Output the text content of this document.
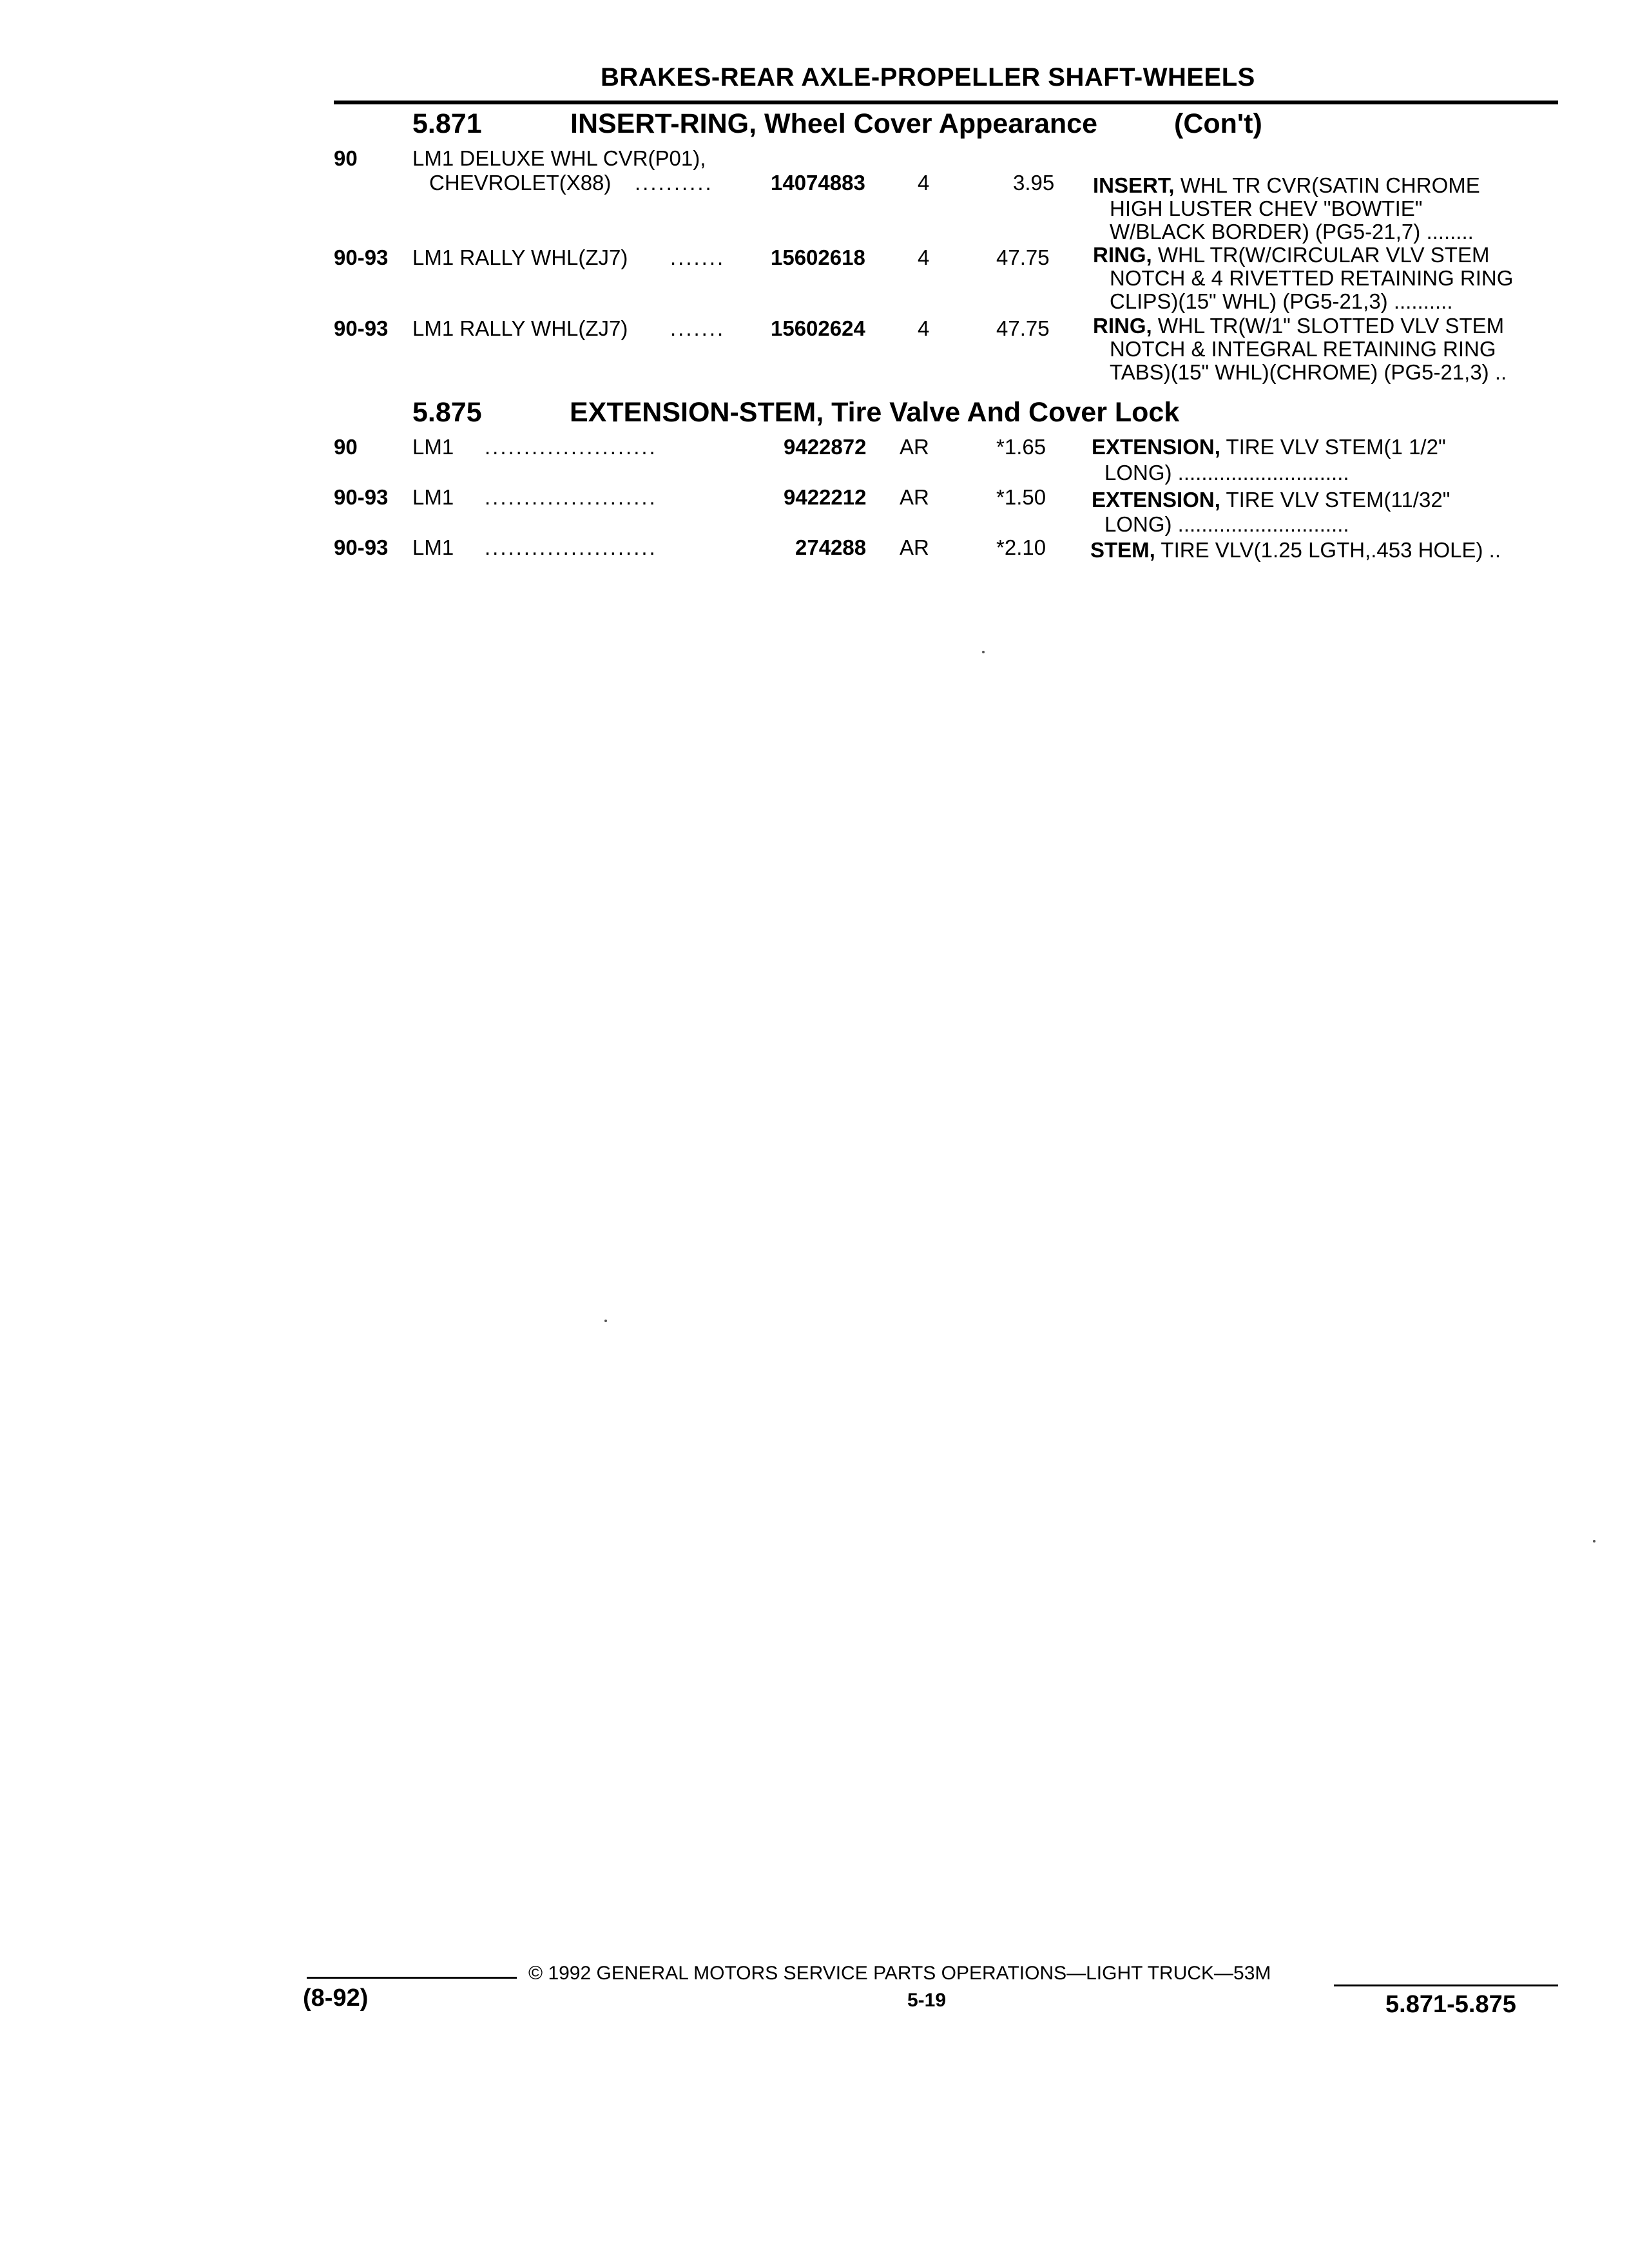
BRAKES-REAR AXLE-PROPELLER SHAFT-WHEELS
5.871	INSERT-RING, Wheel Cover Appearance	(Con't)
90	LM1 DELUXE WHL CVR(P01),
CHEVROLET(X88) ..........	14074883 4	3.95 INSERT, WHL TR CVR(SATIN CHROME
HIGH LUSTER CHEV "BOWTIE"
W/BLACK BORDER) (PG5-21,7) ........
90-93 LM1 RALLY WHL(ZJ7) ....... 15602618 4	47.75 RING, WHL TR(W/CIRCULAR VLV STEM
NOTCH & 4 RIVETTED RETAINING RING
CLIPS)(15" WHL) (PG5-21,3) ..........
90-93 LM1 RALLY WHL(ZJ7) ....... 15602624 4	47.75 RING, WHL TR(W/1" SLOTTED VLV STEM
NOTCH & INTEGRAL RETAINING RING
TABS)(15" WHL)(CHROME) (PG5-21,3) ..
5.875	EXTENSION-STEM, Tire Valve And Cover Lock
90	LM1 ......................	9422872 AR	*1.65 EXTENSION, TIRE VLV STEM(1 1/2"
LONG) .............................
90-93 LM1 ......................	9422212 AR	*1.50 EXTENSION, TIRE VLV STEM(11/32"
LONG) .............................
90-93 LM1 ......................	274288 AR	*2.10 STEM, TIRE VLV(1.25 LGTH,.453 HOLE) ..
© 1992 GENERAL MOTORS SERVICE PARTS OPERATIONS—LIGHT TRUCK—53M
(8-92)	5-19	5.871-5.875
